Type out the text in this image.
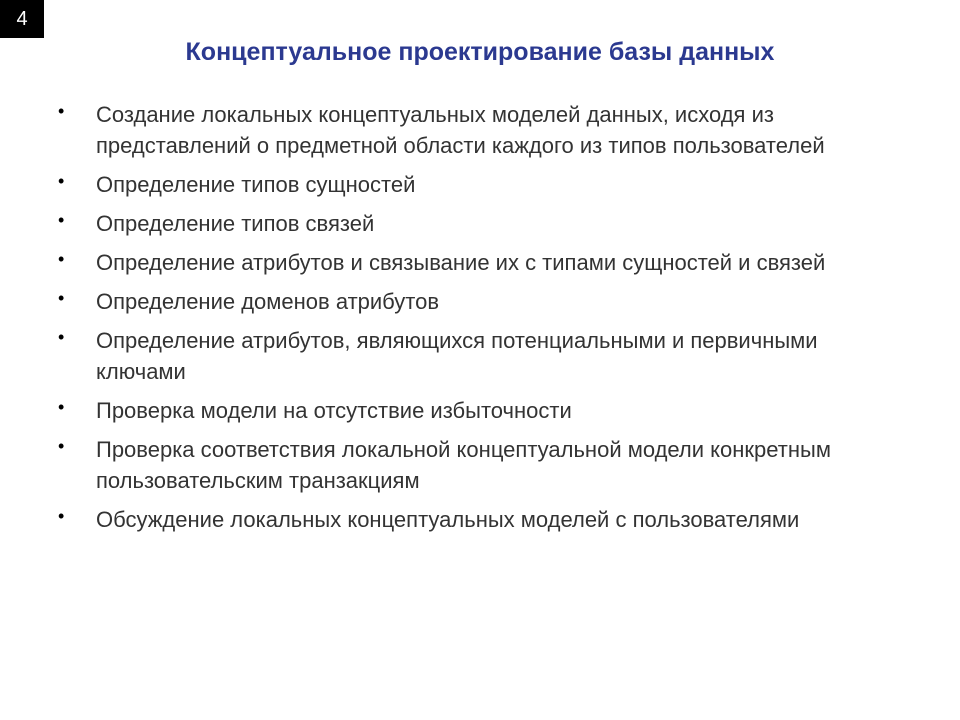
4
Концептуальное проектирование базы данных
• Создание локальных концептуальных моделей данных, исходя из представлений о предметной области каждого из типов пользователей
• Определение типов сущностей
• Определение типов связей
• Определение атрибутов и связывание их с типами сущностей и связей
• Определение доменов атрибутов
• Определение атрибутов, являющихся потенциальными и первичными ключами
• Проверка модели на отсутствие избыточности
• Проверка соответствия локальной концептуальной модели конкретным пользовательским транзакциям
• Обсуждение локальных концептуальных моделей с пользователями
